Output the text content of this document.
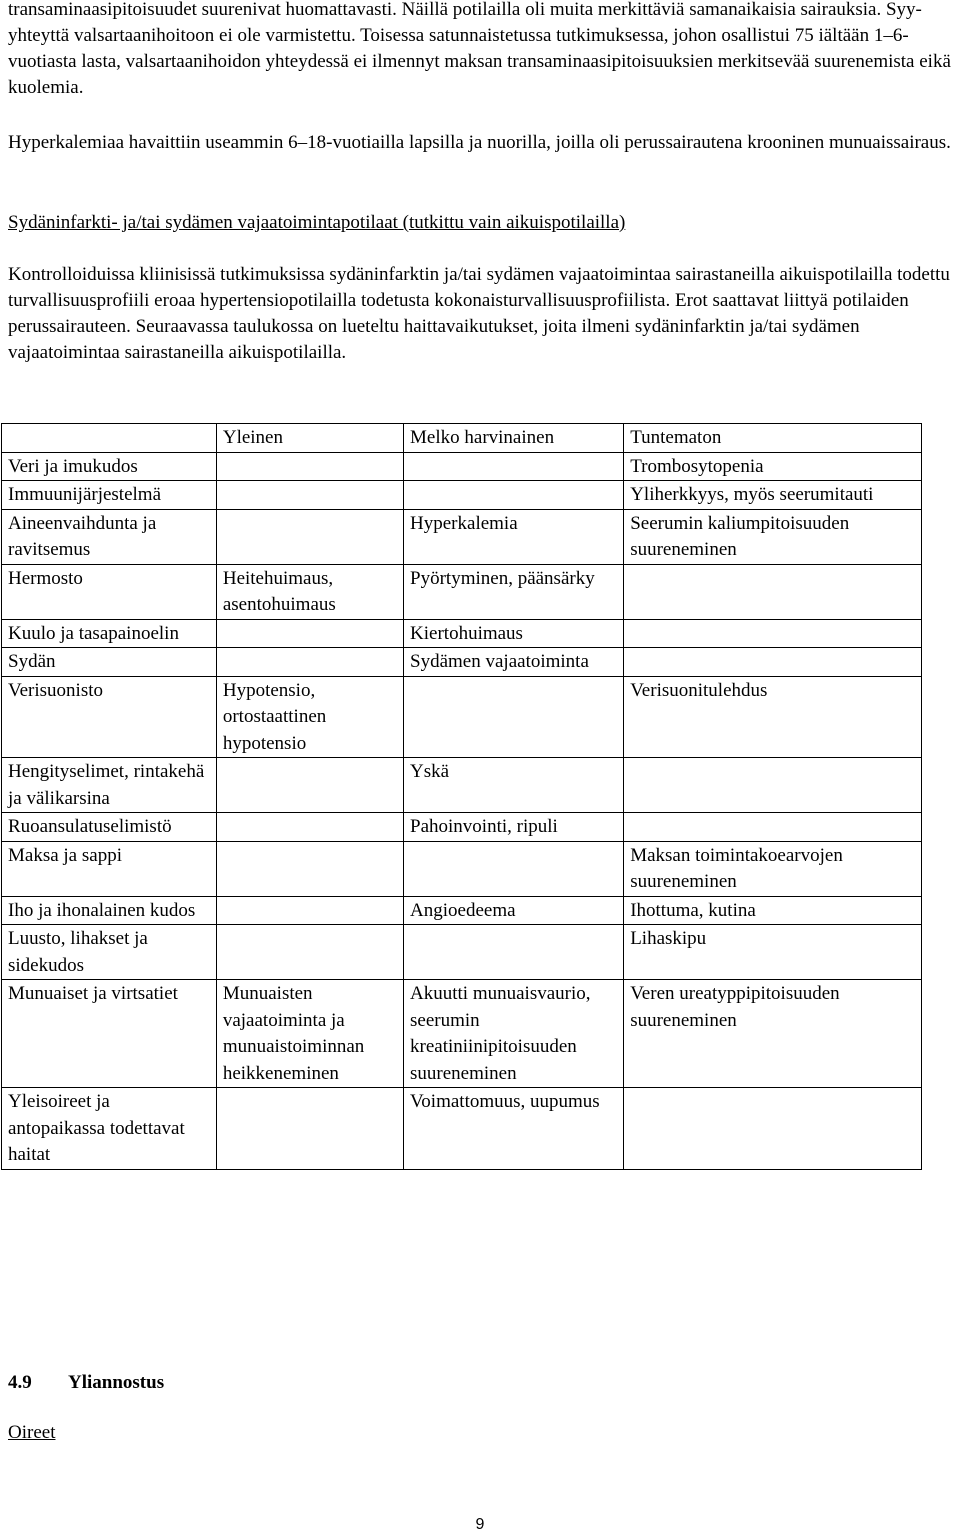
transaminaasipitoisuudet suurenivat huomattavasti. Näillä potilailla oli muita merkittäviä samanaikaisia sairauksia. Syy-yhteyttä valsartaanihoitoon ei ole varmistettu. Toisessa satunnaistetussa tutkimuksessa, johon osallistui 75 iältään 1–6-vuotiasta lasta, valsartaanihoidon yhteydessä ei ilmennyt maksan transaminaasipitoisuuksien merkitsevää suurenemista eikä kuolemia.

Hyperkalemiaa havaittiin useammin 6–18-vuotiailla lapsilla ja nuorilla, joilla oli perussairautena krooninen munuaissairaus.

Sydäninfarkti- ja/tai sydämen vajaatoimintapotilaat (tutkittu vain aikuispotilailla)

Kontrolloiduissa kliinisissä tutkimuksissa sydäninfarktin ja/tai sydämen vajaatoimintaa sairastaneilla aikuispotilailla todettu turvallisuusprofiili eroaa hypertensiopotilailla todetusta kokonaisturvallisuusprofiilista. Erot saattavat liittyä potilaiden perussairauteen. Seuraavassa taulukossa on lueteltu haittavaikutukset, joita ilmeni sydäninfarktin ja/tai sydämen vajaatoimintaa sairastaneilla aikuispotilailla.

	Yleinen	Melko harvinainen	Tuntematon
Veri ja imukudos			Trombosytopenia
Immuunijärjestelmä			Yliherkkyys, myös seerumitauti
Aineenvaihdunta ja ravitsemus		Hyperkalemia	Seerumin kaliumpitoisuuden suureneminen
Hermosto	Heitehuimaus, asentohuimaus	Pyörtyminen, päänsärky	
Kuulo ja tasapainoelin		Kiertohuimaus	
Sydän		Sydämen vajaatoiminta	
Verisuonisto	Hypotensio, ortostaattinen hypotensio		Verisuonitulehdus
Hengityselimet, rintakehä ja välikarsina		Yskä	
Ruoansulatuselimistö		Pahoinvointi, ripuli	
Maksa ja sappi			Maksan toimintakoearvojen suureneminen
Iho ja ihonalainen kudos		Angioedeema	Ihottuma, kutina
Luusto, lihakset ja sidekudos			Lihaskipu
Munuaiset ja virtsatiet	Munuaisten vajaatoiminta ja munuaistoiminnan heikkeneminen	Akuutti munuaisvaurio, seerumin kreatiniinipitoisuuden suureneminen	Veren ureatyppipitoisuuden suureneminen
Yleisoireet ja antopaikassa todettavat haitat		Voimattomuus, uupumus	
4.9 Yliannostus
Oireet
9
